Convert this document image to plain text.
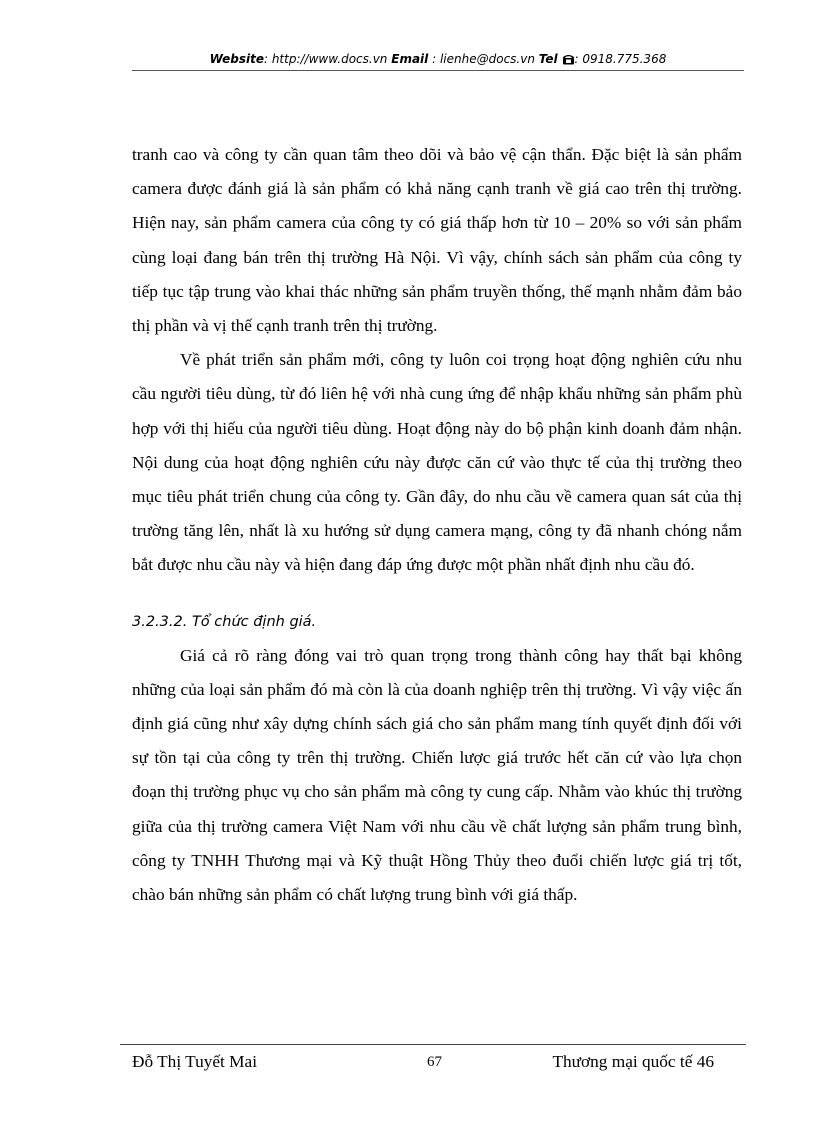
Website: http://www.docs.vn Email : lienhe@docs.vn Tel : 0918.775.368

tranh cao và công ty cần quan tâm theo dõi và bảo vệ cận thẩn. Đặc biệt là sản phẩm camera được đánh giá là sản phẩm có khả năng cạnh tranh về giá cao trên thị trường. Hiện nay, sản phẩm camera của công ty có giá thấp hơn từ 10 – 20% so với sản phẩm cùng loại đang bán trên thị trường Hà Nội. Vì vậy, chính sách sản phẩm của công ty tiếp tục tập trung vào khai thác những sản phẩm truyền thống, thế mạnh nhằm đảm bảo thị phần và vị thế cạnh tranh trên thị trường.

Về phát triển sản phẩm mới, công ty luôn coi trọng hoạt động nghiên cứu nhu cầu người tiêu dùng, từ đó liên hệ với nhà cung ứng để nhập khẩu những sản phẩm phù hợp với thị hiếu của người tiêu dùng. Hoạt động này do bộ phận kinh doanh đảm nhận. Nội dung của hoạt động nghiên cứu này được căn cứ vào thực tế của thị trường theo mục tiêu phát triển chung của công ty. Gần đây, do nhu cầu về camera quan sát của thị trường tăng lên, nhất là xu hướng sử dụng camera mạng, công ty đã nhanh chóng nắm bắt được nhu cầu này và hiện đang đáp ứng được một phần nhất định nhu cầu đó.

3.2.3.2. Tổ chức định giá.

Giá cả rõ ràng đóng vai trò quan trọng trong thành công hay thất bại không những của loại sản phẩm đó mà còn là của doanh nghiệp trên thị trường. Vì vậy việc ấn định giá cũng như xây dựng chính sách giá cho sản phẩm mang tính quyết định đối với sự tồn tại của công ty trên thị trường. Chiến lược giá trước hết căn cứ vào lựa chọn đoạn thị trường phục vụ cho sản phẩm mà công ty cung cấp. Nhằm vào khúc thị trường giữa của thị trường camera Việt Nam với nhu cầu về chất lượng sản phẩm trung bình, công ty TNHH Thương mại và Kỹ thuật Hồng Thủy theo đuổi chiến lược giá trị tốt, chào bán những sản phẩm có chất lượng trung bình với giá thấp.

Đỗ Thị Tuyết Mai	67	Thương mại quốc tế 46
